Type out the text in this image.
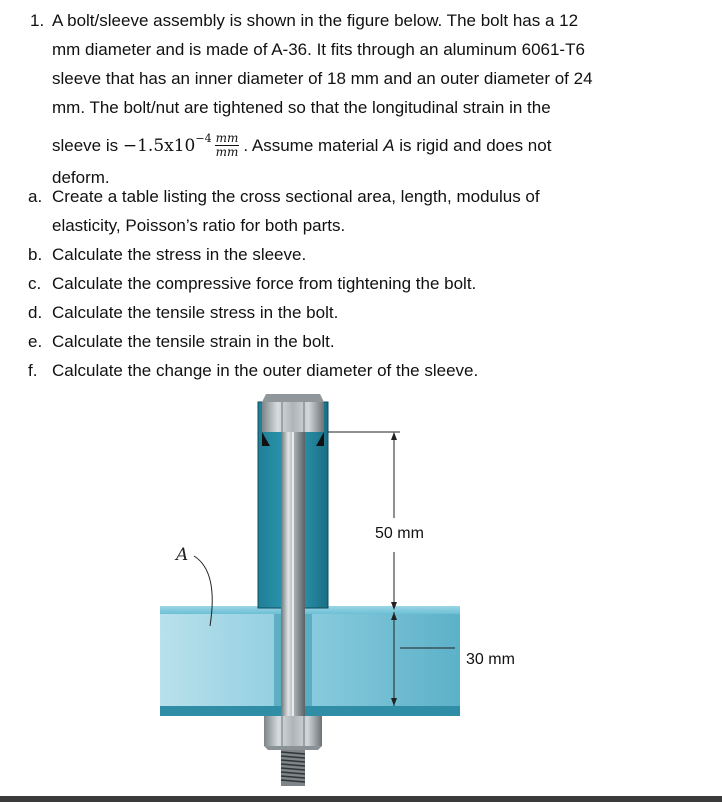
1. A bolt/sleeve assembly is shown in the figure below. The bolt has a 12
mm diameter and is made of A-36. It fits through an aluminum 6061-T6
sleeve that has an inner diameter of 18 mm and an outer diameter of 24
mm. The bolt/nut are tightened so that the longitudinal strain in the
sleeve is $-1.5x10^{-4} \frac{mm}{mm}$ . Assume material A is rigid and does not
deform.
a. Create a table listing the cross sectional area, length, modulus of
elasticity, Poisson’s ratio for both parts.
b. Calculate the stress in the sleeve.
c. Calculate the compressive force from tightening the bolt.
d. Calculate the tensile stress in the bolt.
e. Calculate the tensile strain in the bolt.
f. Calculate the change in the outer diameter of the sleeve.
50 mm
30 mm
A
